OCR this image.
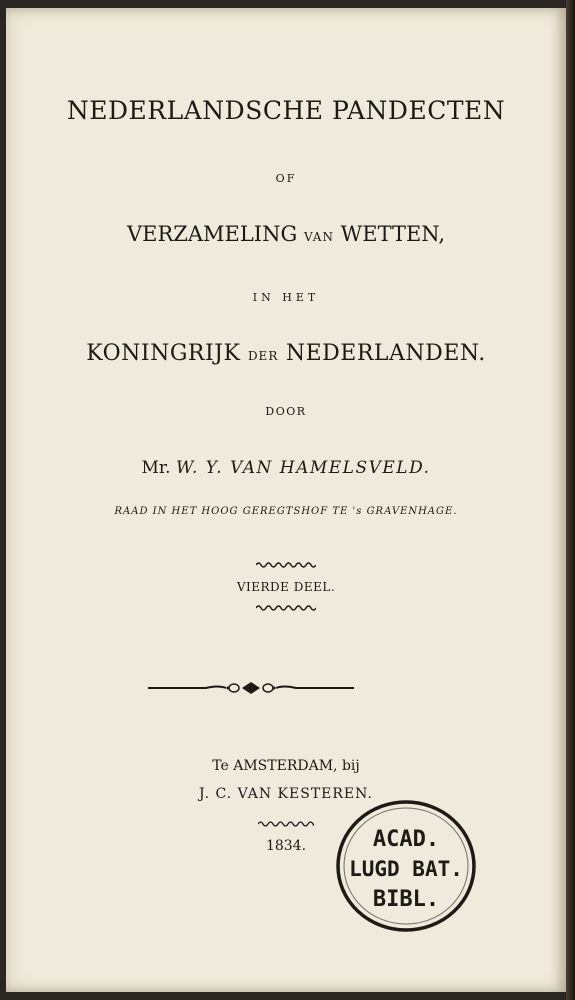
NEDERLANDSCHE PANDECTEN
OF
VERZAMELING VAN WETTEN,
IN HET
KONINGRIJK DER NEDERLANDEN.
DOOR
Mr. W. Y. VAN HAMELSVELD.
RAAD IN HET HOOG GEREGTSHOF TE 's GRAVENHAGE.
VIERDE DEEL.
Te AMSTERDAM, bij
J. C. VAN KESTEREN.
1834.	ACAD.
LUGD BAT.
BIBL.
